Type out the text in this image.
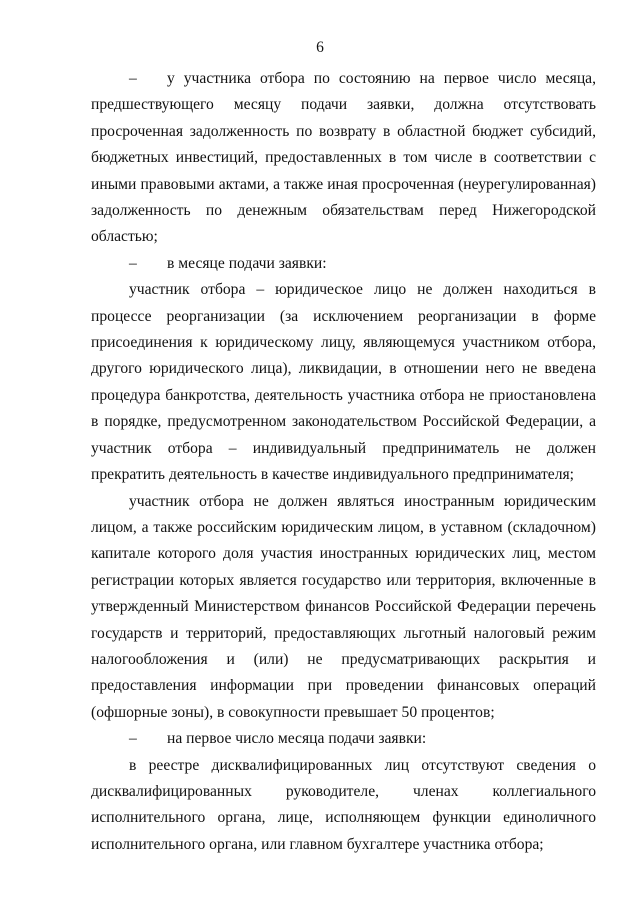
6

– у участника отбора по состоянию на первое число месяца, предшествующего месяцу подачи заявки, должна отсутствовать просроченная задолженность по возврату в областной бюджет субсидий, бюджетных инвестиций, предоставленных в том числе в соответствии с иными правовыми актами, а также иная просроченная (неурегулированная) задолженность по денежным обязательствам перед Нижегородской областью;

– в месяце подачи заявки:

участник отбора – юридическое лицо не должен находиться в процессе реорганизации (за исключением реорганизации в форме присоединения к юридическому лицу, являющемуся участником отбора, другого юридического лица), ликвидации, в отношении него не введена процедура банкротства, деятельность участника отбора не приостановлена в порядке, предусмотренном законодательством Российской Федерации, а участник отбора – индивидуальный предприниматель не должен прекратить деятельность в качестве индивидуального предпринимателя;

участник отбора не должен являться иностранным юридическим лицом, а также российским юридическим лицом, в уставном (складочном) капитале которого доля участия иностранных юридических лиц, местом регистрации которых является государство или территория, включенные в утвержденный Министерством финансов Российской Федерации перечень государств и территорий, предоставляющих льготный налоговый режим налогообложения и (или) не предусматривающих раскрытия и предоставления информации при проведении финансовых операций (офшорные зоны), в совокупности превышает 50 процентов;

– на первое число месяца подачи заявки:

в реестре дисквалифицированных лиц отсутствуют сведения о дисквалифицированных руководителе, членах коллегиального исполнительного органа, лице, исполняющем функции единоличного исполнительного органа, или главном бухгалтере участника отбора;
